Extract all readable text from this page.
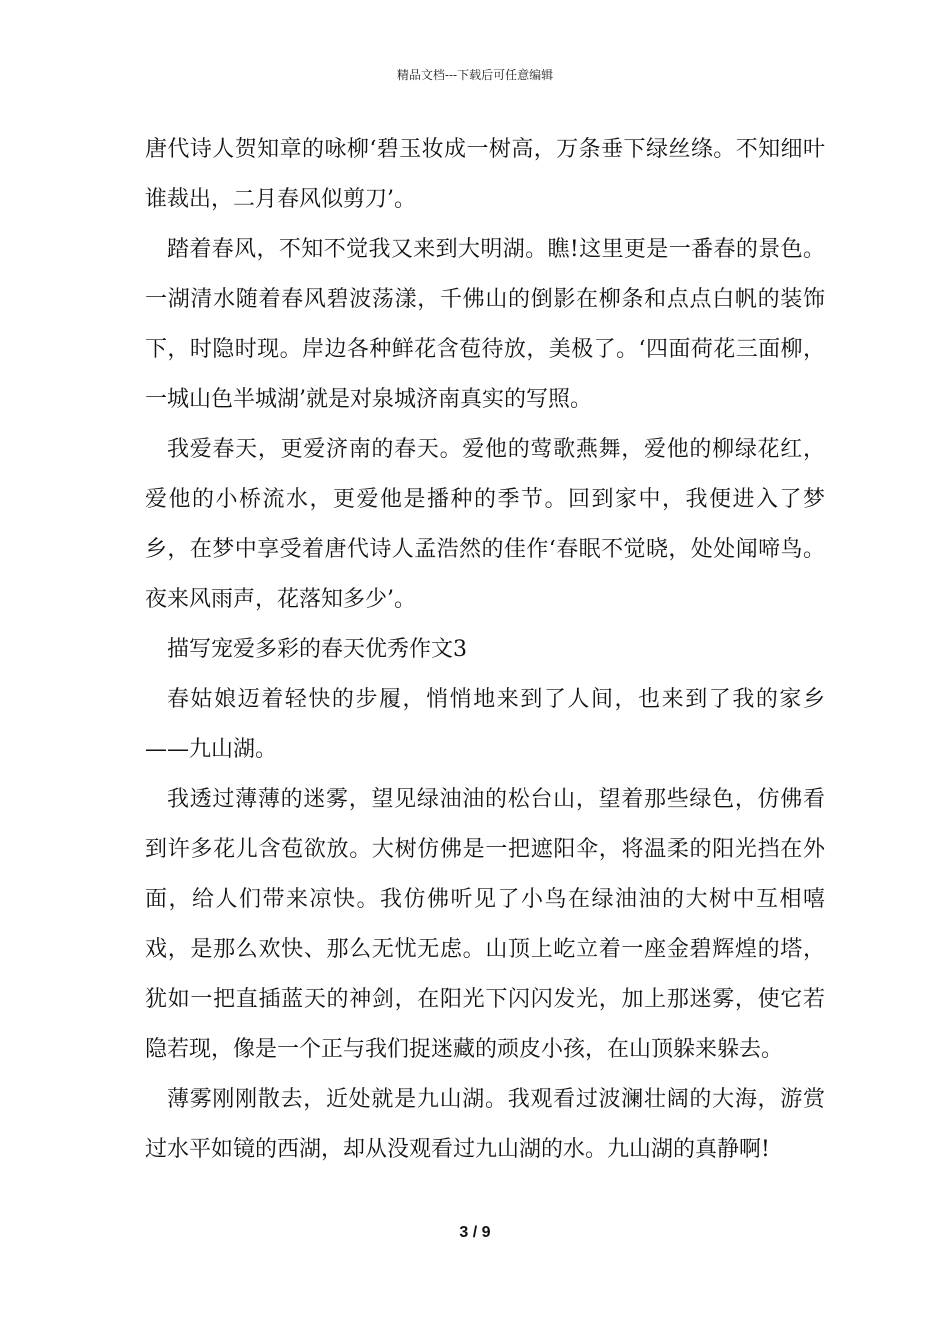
精品文档---下载后可任意编辑

唐代诗人贺知章的咏柳‘碧玉妆成一树高，万条垂下绿丝绦。不知细叶谁裁出，二月春风似剪刀’。

踏着春风，不知不觉我又来到大明湖。瞧!这里更是一番春的景色。一湖清水随着春风碧波荡漾，千佛山的倒影在柳条和点点白帆的装饰下，时隐时现。岸边各种鲜花含苞待放，美极了。‘四面荷花三面柳，一城山色半城湖’就是对泉城济南真实的写照。

我爱春天，更爱济南的春天。爱他的莺歌燕舞，爱他的柳绿花红，爱他的小桥流水，更爱他是播种的季节。回到家中，我便进入了梦乡，在梦中享受着唐代诗人孟浩然的佳作‘春眠不觉晓，处处闻啼鸟。夜来风雨声，花落知多少’。

描写宠爱多彩的春天优秀作文3

春姑娘迈着轻快的步履，悄悄地来到了人间，也来到了我的家乡——九山湖。

我透过薄薄的迷雾，望见绿油油的松台山，望着那些绿色，仿佛看到许多花儿含苞欲放。大树仿佛是一把遮阳伞，将温柔的阳光挡在外面，给人们带来凉快。我仿佛听见了小鸟在绿油油的大树中互相嘻戏，是那么欢快、那么无忧无虑。山顶上屹立着一座金碧辉煌的塔，犹如一把直插蓝天的神剑，在阳光下闪闪发光，加上那迷雾，使它若隐若现，像是一个正与我们捉迷藏的顽皮小孩，在山顶躲来躲去。

薄雾刚刚散去，近处就是九山湖。我观看过波澜壮阔的大海，游赏过水平如镜的西湖，却从没观看过九山湖的水。九山湖的真静啊!

3 / 9
